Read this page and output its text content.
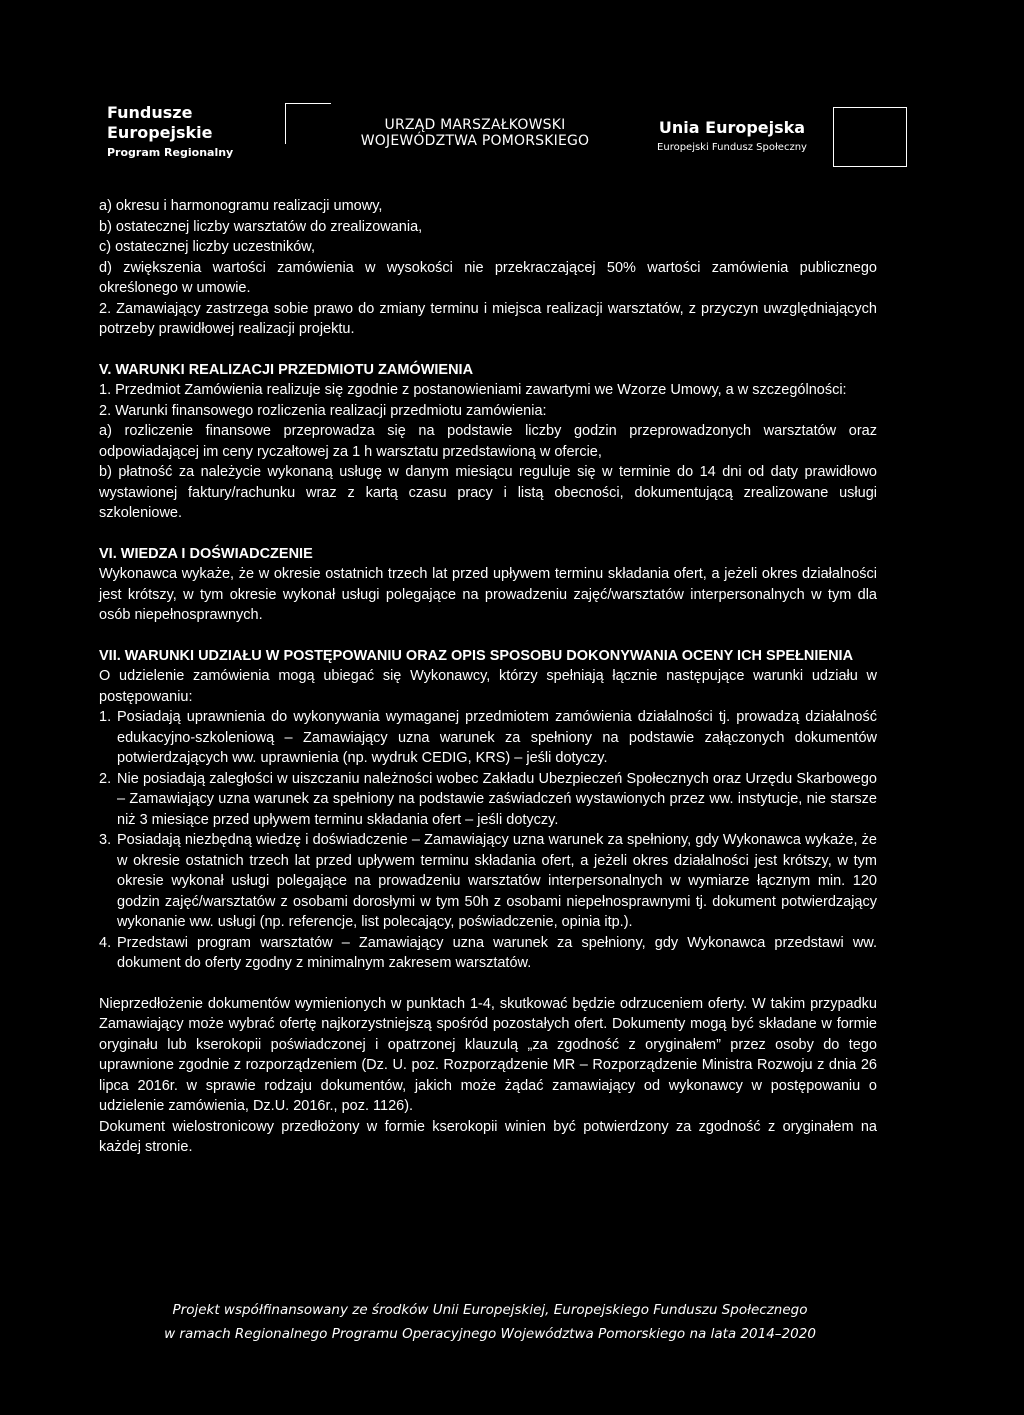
Fundusze
Europejskie
Program Regionalny
URZĄD MARSZAŁKOWSKI
WOJEWÓDZTWA POMORSKIEGO
Unia Europejska
Europejski Fundusz Społeczny

a) okresu i harmonogramu realizacji umowy,

b) ostatecznej liczby warsztatów do zrealizowania,

c) ostatecznej liczby uczestników,

d) zwiększenia wartości zamówienia w wysokości nie przekraczającej 50% wartości zamówienia publicznego określonego w umowie.

2. Zamawiający zastrzega sobie prawo do zmiany terminu i miejsca realizacji warsztatów, z przyczyn uwzględniających potrzeby prawidłowej realizacji projektu.

V. WARUNKI REALIZACJI PRZEDMIOTU ZAMÓWIENIA

1. Przedmiot Zamówienia realizuje się zgodnie z postanowieniami zawartymi we Wzorze Umowy, a w szczególności:

2. Warunki finansowego rozliczenia realizacji przedmiotu zamówienia:

a) rozliczenie finansowe przeprowadza się na podstawie liczby godzin przeprowadzonych warsztatów oraz odpowiadającej im ceny ryczałtowej za 1 h warsztatu przedstawioną w ofercie,

b) płatność za należycie wykonaną usługę w danym miesiącu reguluje się w terminie do 14 dni od daty prawidłowo wystawionej faktury/rachunku wraz z kartą czasu pracy i listą obecności, dokumentującą zrealizowane usługi szkoleniowe.

VI. WIEDZA I DOŚWIADCZENIE

Wykonawca wykaże, że w okresie ostatnich trzech lat przed upływem terminu składania ofert, a jeżeli okres działalności jest krótszy, w tym okresie wykonał usługi polegające na prowadzeniu zajęć/warsztatów interpersonalnych w tym dla osób niepełnosprawnych.

VII. WARUNKI UDZIAŁU W POSTĘPOWANIU ORAZ OPIS SPOSOBU DOKONYWANIA OCENY ICH SPEŁNIENIA

O udzielenie zamówienia mogą ubiegać się Wykonawcy, którzy spełniają łącznie następujące warunki udziału w postępowaniu:

1. Posiadają uprawnienia do wykonywania wymaganej przedmiotem zamówienia działalności tj. prowadzą działalność edukacyjno-szkoleniową – Zamawiający uzna warunek za spełniony na podstawie załączonych dokumentów potwierdzających ww. uprawnienia (np. wydruk CEDIG, KRS) – jeśli dotyczy.

2. Nie posiadają zaległości w uiszczaniu należności wobec Zakładu Ubezpieczeń Społecznych oraz Urzędu Skarbowego – Zamawiający uzna warunek za spełniony na podstawie zaświadczeń wystawionych przez ww. instytucje, nie starsze niż 3 miesiące przed upływem terminu składania ofert – jeśli dotyczy.

3. Posiadają niezbędną wiedzę i doświadczenie – Zamawiający uzna warunek za spełniony, gdy Wykonawca wykaże, że w okresie ostatnich trzech lat przed upływem terminu składania ofert, a jeżeli okres działalności jest krótszy, w tym okresie wykonał usługi polegające na prowadzeniu warsztatów interpersonalnych w wymiarze łącznym min. 120 godzin zajęć/warsztatów z osobami dorosłymi w tym 50h z osobami niepełnosprawnymi tj. dokument potwierdzający wykonanie ww. usługi (np. referencje, list polecający, poświadczenie, opinia itp.).

4. Przedstawi program warsztatów – Zamawiający uzna warunek za spełniony, gdy Wykonawca przedstawi ww. dokument do oferty zgodny z minimalnym zakresem warsztatów.

Nieprzedłożenie dokumentów wymienionych w punktach 1-4, skutkować będzie odrzuceniem oferty. W takim przypadku Zamawiający może wybrać ofertę najkorzystniejszą spośród pozostałych ofert. Dokumenty mogą być składane w formie oryginału lub kserokopii poświadczonej i opatrzonej klauzulą „za zgodność z oryginałem” przez osoby do tego uprawnione zgodnie z rozporządzeniem (Dz. U. poz. Rozporządzenie MR – Rozporządzenie Ministra Rozwoju z dnia 26 lipca 2016r. w sprawie rodzaju dokumentów, jakich może żądać zamawiający od wykonawcy w postępowaniu o udzielenie zamówienia, Dz.U. 2016r., poz. 1126).

Dokument wielostronicowy przedłożony w formie kserokopii winien być potwierdzony za zgodność z oryginałem na każdej stronie.

Projekt współfinansowany ze środków Unii Europejskiej, Europejskiego Funduszu Społecznego
w ramach Regionalnego Programu Operacyjnego Województwa Pomorskiego na lata 2014–2020
